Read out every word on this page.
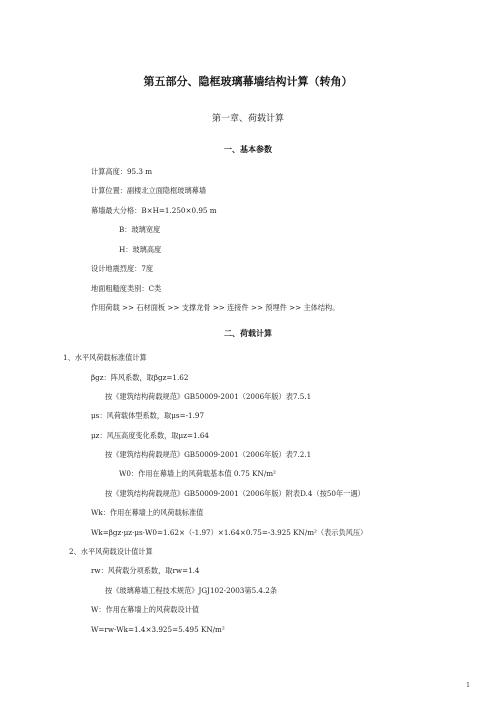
第五部分、隐框玻璃幕墙结构计算（转角）
第一章、荷载计算
一、基本参数
计算高度：95.3 m
计算位置：副楼北立面隐框玻璃幕墙
幕墙最大分格：B×H=1.250×0.95 m
B：玻璃宽度
H：玻璃高度
设计地震烈度：7度
地面粗糙度类别：C类
作用荷载 >> 石材面板 >> 支撑龙骨 >> 连接件 >> 预埋件 >> 主体结构。
二、荷载计算
1、水平风荷载标准值计算
βgz：阵风系数，取βgz=1.62
按《建筑结构荷载规范》GB50009-2001（2006年版）表7.5.1
μs：风荷载体型系数，取μs=-1.97
μz：风压高度变化系数，取μz=1.64
按《建筑结构荷载规范》GB50009-2001（2006年版）表7.2.1
W0：作用在幕墙上的风荷载基本值 0.75 KN/m²
按《建筑结构荷载规范》GB50009-2001（2006年版）附表D.4（按50年一遇）
Wk：作用在幕墙上的风荷载标准值
Wk=βgz·μz·μs·W0=1.62×（-1.97）×1.64×0.75=-3.925 KN/m²（表示负风压）
2、水平风荷载设计值计算
rw：风荷载分项系数，取rw=1.4
按《玻璃幕墙工程技术规范》JGJ102-2003第5.4.2条
W：作用在幕墙上的风荷载设计值
W=rw·Wk=1.4×3.925=5.495 KN/m²
1
